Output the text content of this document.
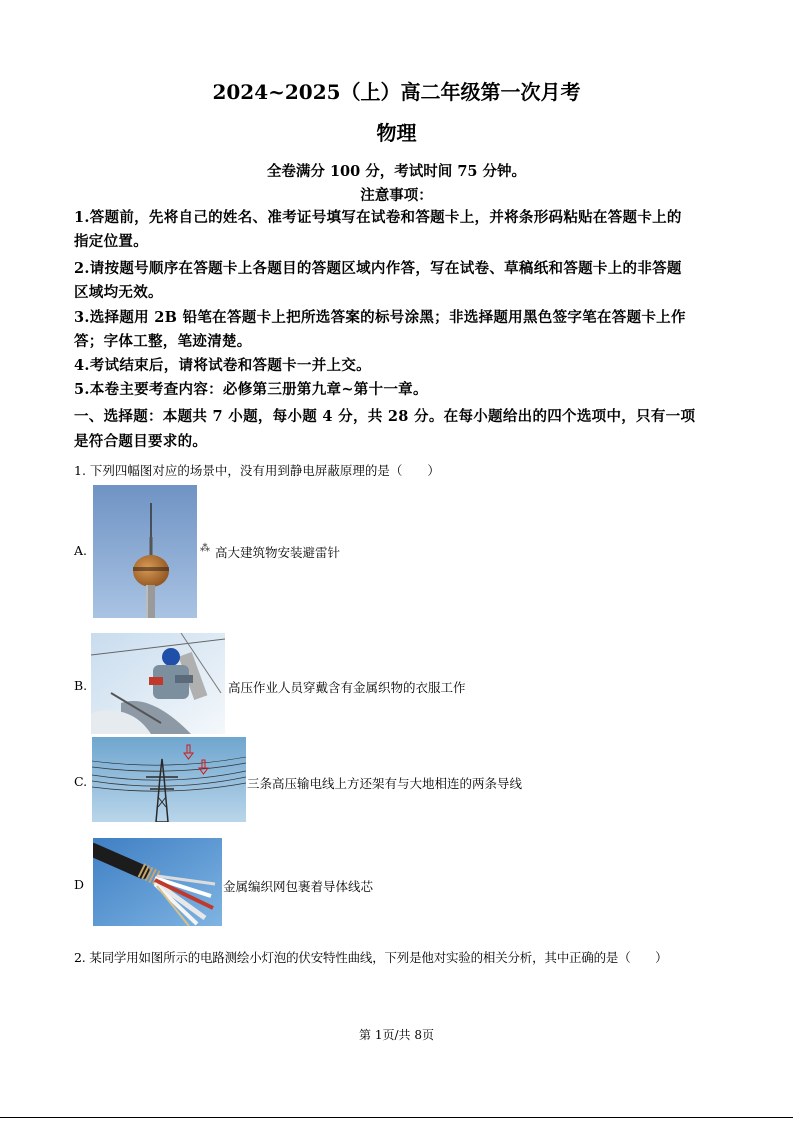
2024~2025（上）高二年级第一次月考
物理
全卷满分 100 分，考试时间 75 分钟。
注意事项：
1.答题前，先将自己的姓名、准考证号填写在试卷和答题卡上，并将条形码粘贴在答题卡上的
指定位置。
2.请按题号顺序在答题卡上各题目的答题区域内作答，写在试卷、草稿纸和答题卡上的非答题
区域均无效。
3.选择题用 2B 铅笔在答题卡上把所选答案的标号涂黑；非选择题用黑色签字笔在答题卡上作
答；字体工整，笔迹清楚。
4.考试结束后，请将试卷和答题卡一并上交。
5.本卷主要考查内容：必修第三册第九章~第十一章。
一、选择题：本题共 7 小题，每小题 4 分，共 28 分。在每小题给出的四个选项中，只有一项
是符合题目要求的。
1. 下列四幅图对应的场景中，没有用到静电屏蔽原理的是（　　）
A.	⁂ 高大建筑物安装避雷针
B.	高压作业人员穿戴含有金属织物的衣服工作
C.	三条高压输电线上方还架有与大地相连的两条导线
D	金属编织网包裹着导体线芯
2. 某同学用如图所示的电路测绘小灯泡的伏安特性曲线，下列是他对实验的相关分析，其中正确的是（　　）
第 1页/共 8页
